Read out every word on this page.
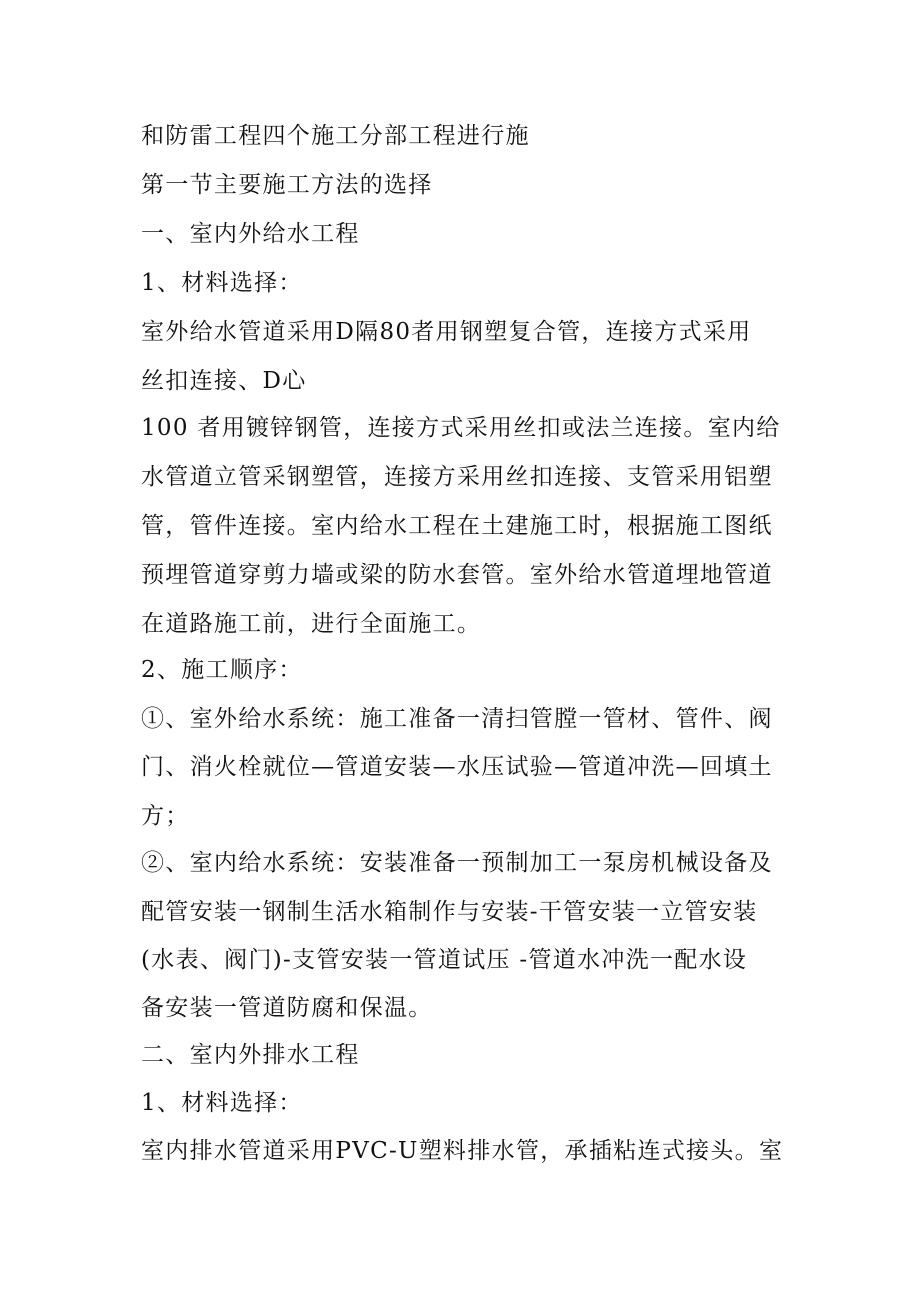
和防雷工程四个施工分部工程进行施

第一节主要施工方法的选择

一、室内外给水工程

1、材料选择：

室外给水管道采用D隔80者用钢塑复合管，连接方式采用

丝扣连接、D心

100 者用镀锌钢管，连接方式采用丝扣或法兰连接。室内给

水管道立管采钢塑管，连接方采用丝扣连接、支管采用铝塑

管，管件连接。室内给水工程在土建施工时，根据施工图纸

预埋管道穿剪力墙或梁的防水套管。室外给水管道埋地管道

在道路施工前，进行全面施工。

2、施工顺序：

①、室外给水系统：施工准备一清扫管膛一管材、管件、阀

门、消火栓就位—管道安装—水压试验—管道冲洗—回填土

方；

②、室内给水系统：安装准备一预制加工一泵房机械设备及

配管安装一钢制生活水箱制作与安装-干管安装一立管安装

(水表、阀门)-支管安装一管道试压 -管道水冲洗一配水设

备安装一管道防腐和保温。

二、室内外排水工程

1、材料选择：

室内排水管道采用PVC-U塑料排水管，承插粘连式接头。室
